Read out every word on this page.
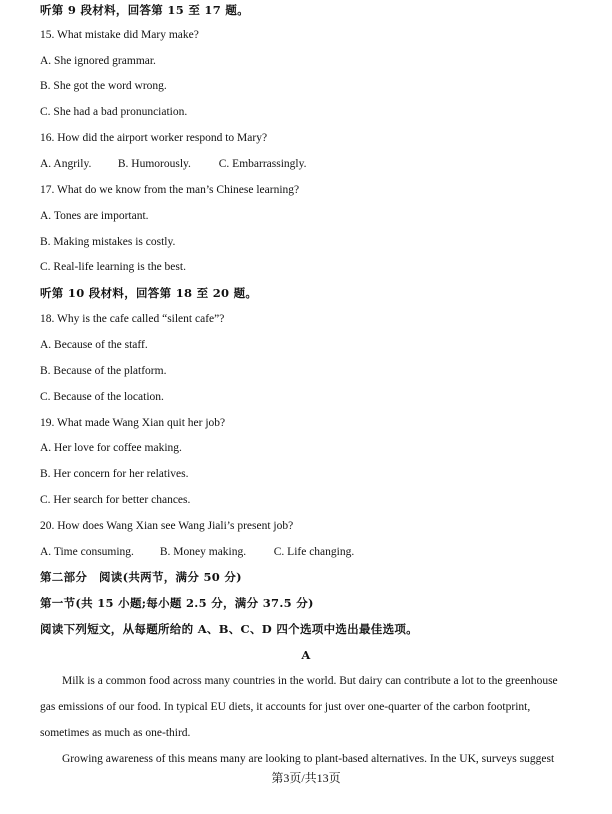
听第 9 段材料，回答第 15 至 17 题。
15. What mistake did Mary make?
A. She ignored grammar.
B. She got the word wrong.
C. She had a bad pronunciation.
16. How did the airport worker respond to Mary?
A. Angrily. B. Humorously. C. Embarrassingly.
17. What do we know from the man’s Chinese learning?
A. Tones are important.
B. Making mistakes is costly.
C. Real-life learning is the best.
听第 10 段材料，回答第 18 至 20 题。
18. Why is the cafe called “silent cafe”?
A. Because of the staff.
B. Because of the platform.
C. Because of the location.
19. What made Wang Xian quit her job?
A. Her love for coffee making.
B. Her concern for her relatives.
C. Her search for better chances.
20. How does Wang Xian see Wang Jiali’s present job?
A. Time consuming. B. Money making. C. Life changing.
第二部分　阅读(共两节，满分 50 分)
第一节(共 15 小题;每小题 2.5 分，满分 37.5 分)
阅读下列短文，从每题所给的 A、B、C、D 四个选项中选出最佳选项。
A
Milk is a common food across many countries in the world. But dairy can contribute a lot to the greenhouse
gas emissions of our food. In typical EU diets, it accounts for just over one-quarter of the carbon footprint,
sometimes as much as one-third.
Growing awareness of this means many are looking to plant-based alternatives. In the UK, surveys suggest
第3页/共13页
